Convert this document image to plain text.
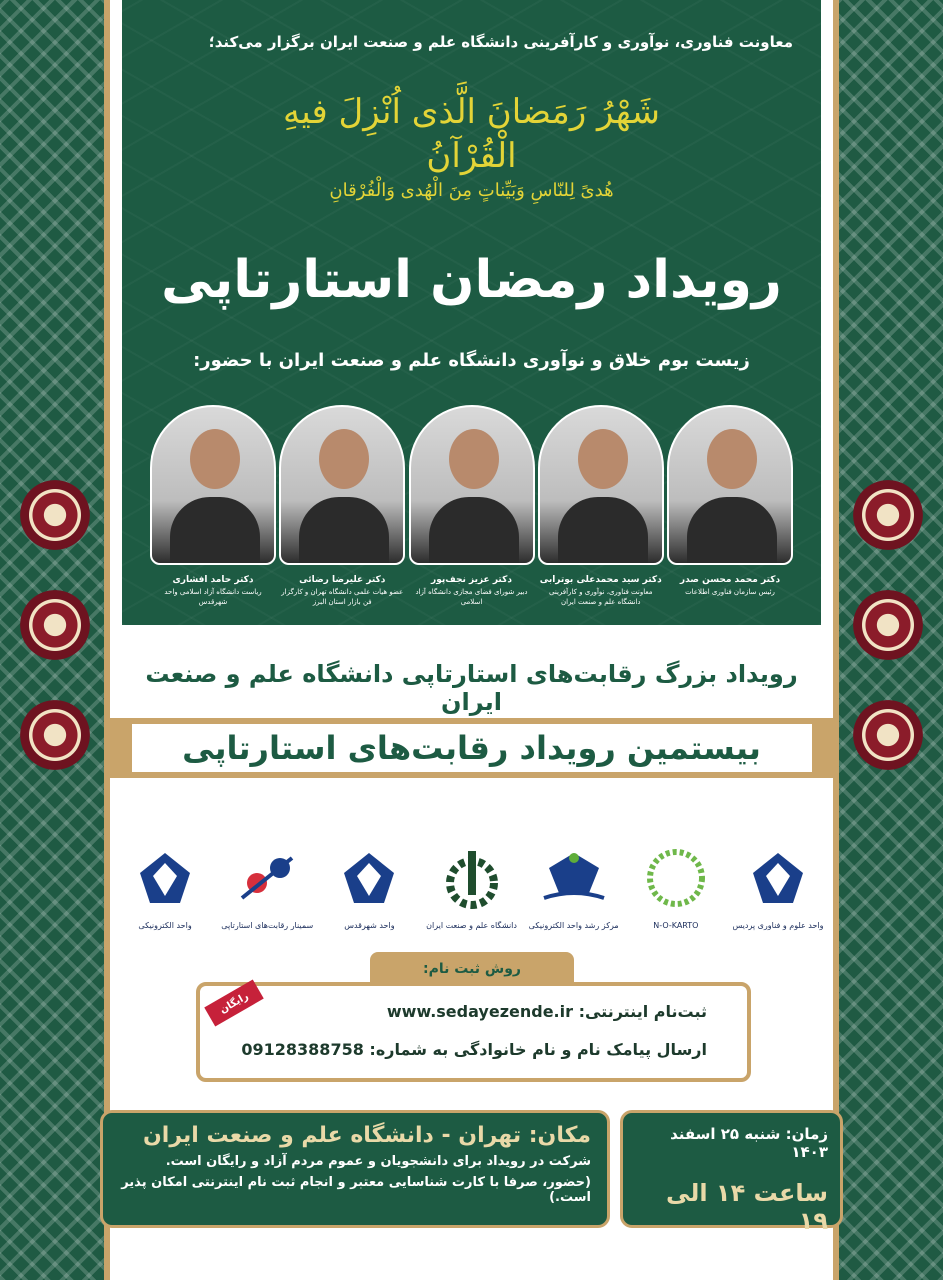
معاونت فناوری، نوآوری و کارآفرینی دانشگاه علم و صنعت ایران برگزار می‌کند؛
شَهْرُ رَمَضانَ الَّذی اُنْزِلَ فیهِ الْقُرْآنُ
هُدیً لِلنّاسِ وَبَیِّناتٍ مِنَ الْهُدی وَالْفُرْقانِ
رویداد رمضان استارتاپی
زیست بوم خلاق و نوآوری دانشگاه علم و صنعت ایران با حضور:
دکتر محمد محسن صدر
رئیس سازمان فناوری اطلاعات
دکتر سید محمدعلی بوترابی
معاونت فناوری، نوآوری و کارآفرینی دانشگاه علم و صنعت ایران
دکتر عزیز نجف‌پور
دبیر شورای فضای مجازی دانشگاه آزاد اسلامی
دکتر علیرضا رضائی
عضو هیات علمی دانشگاه تهران و کارگزار فن بازار استان البرز
دکتر حامد افشاری
ریاست دانشگاه آزاد اسلامی واحد شهرقدس
رویداد بزرگ رقابت‌های استارتاپی دانشگاه علم و صنعت ایران
بیستمین رویداد رقابت‌های استارتاپی
واحد علوم و فناوری پردیس
N-O-KARTO
مرکز رشد واحد الکترونیکی
دانشگاه علم و صنعت ایران
واحد شهرقدس
سمینار رقابت‌های استارتاپی
واحد الکترونیکی
روش ثبت نام:
رایگان	ثبت‌نام اینترنتی: www.sedayezende.ir
ارسال پیامک نام و نام خانوادگی به شماره: 09128388758
مکان: تهران - دانشگاه علم و صنعت ایران
شرکت در رویداد برای دانشجویان و عموم مردم آزاد و رایگان است.
(حضور، صرفا با کارت شناسایی معتبر و انجام ثبت نام اینترنتی امکان پذیر است.)
زمان: شنبه ۲۵ اسفند ۱۴۰۳
ساعت ۱۴ الی ۱۹
